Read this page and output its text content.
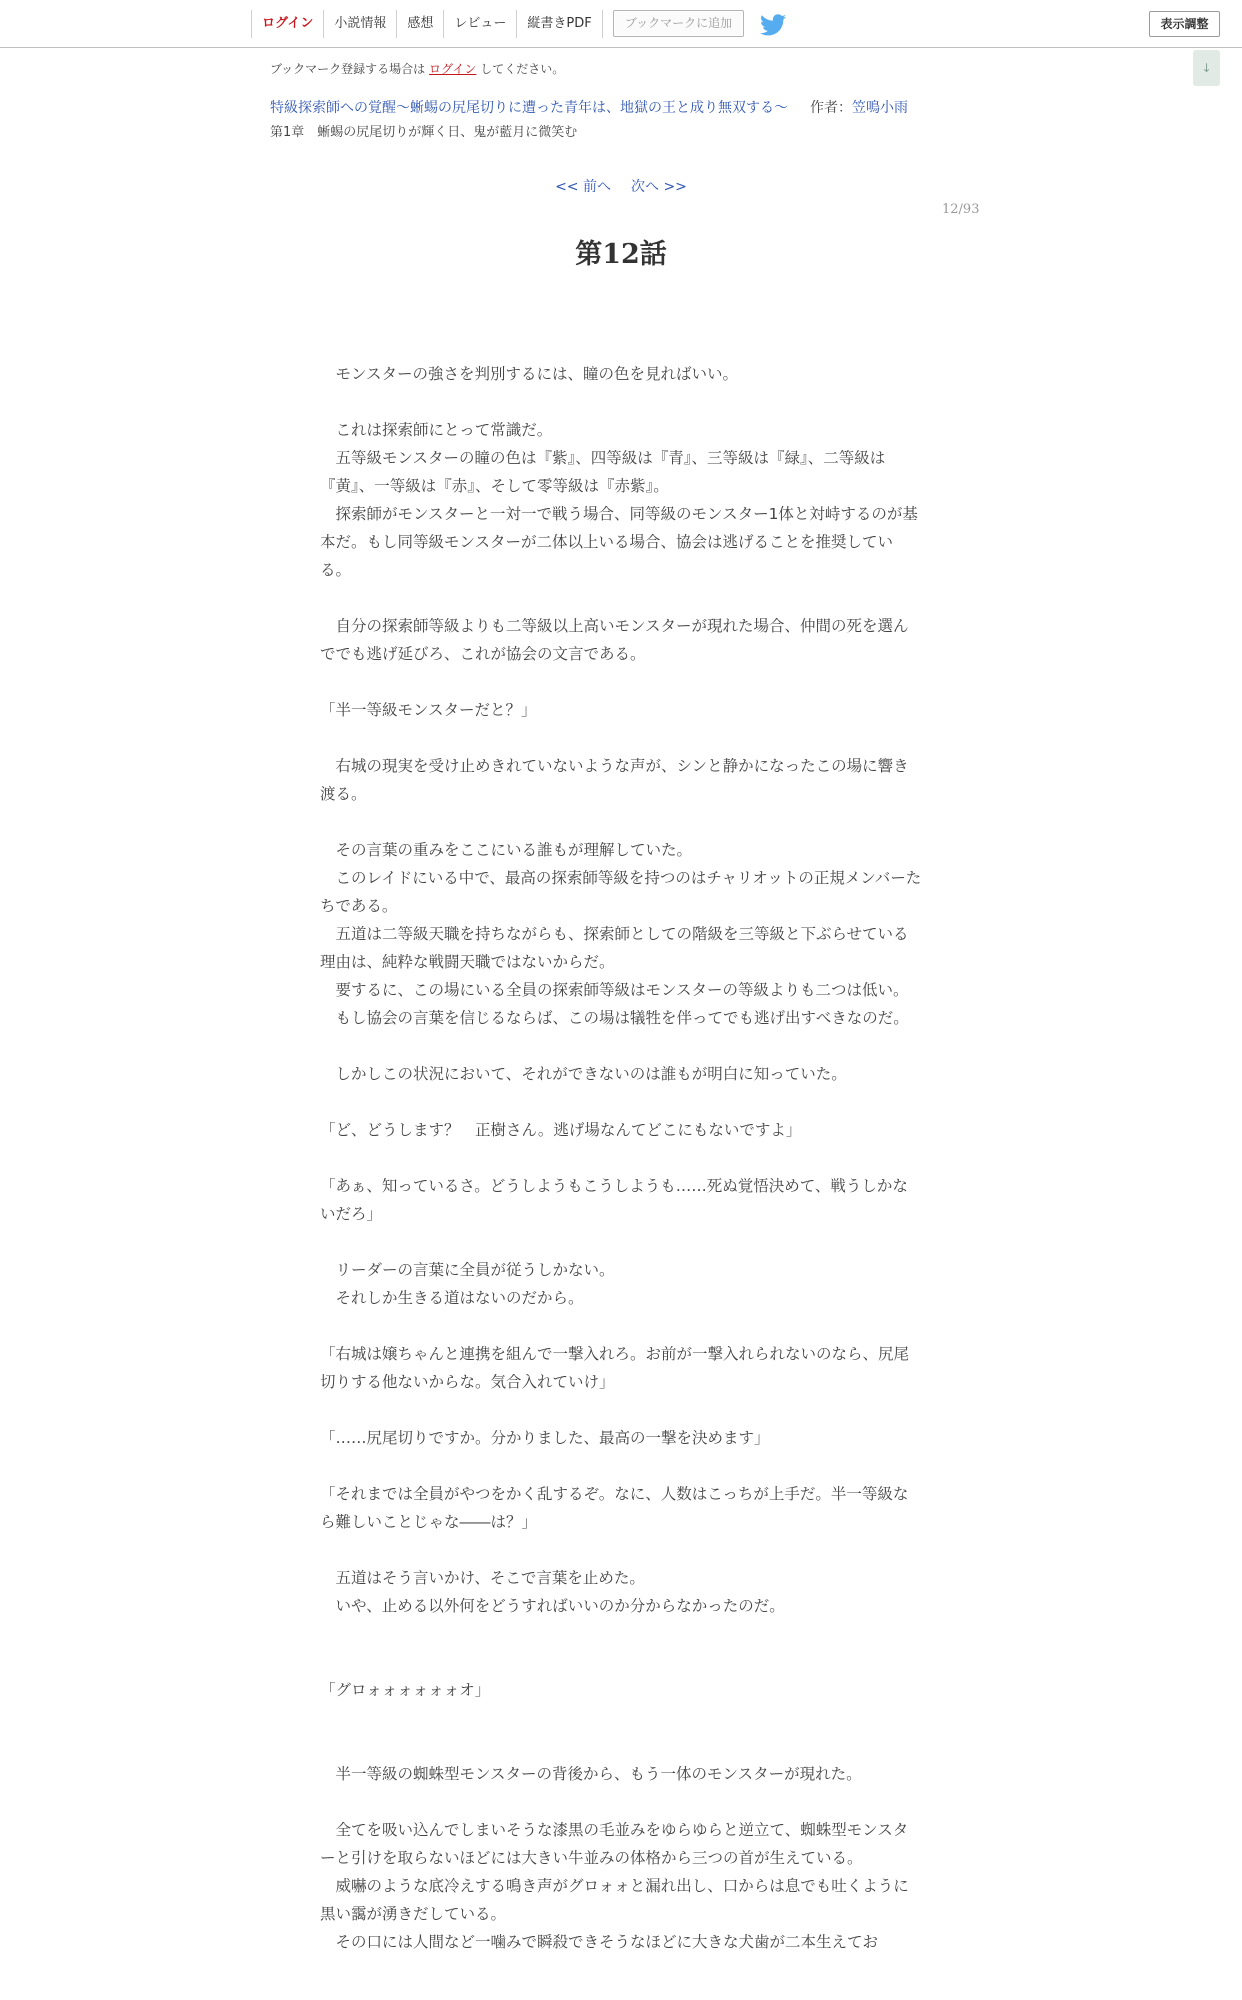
ログイン	小説情報	感想	レビュー	縦書きPDF	ブックマークに追加	表示調整
↓
ブックマーク登録する場合は ログイン してください。
特級探索師への覚醒～蜥蜴の尻尾切りに遭った青年は、地獄の王と成り無双する～ 作者：笠鳴小雨
第1章　蜥蜴の尻尾切りが輝く日、鬼が藍月に微笑む
<< 前へ 次へ >>
12/93
第12話

　モンスターの強さを判別するには、瞳の色を見ればいい。

　これは探索師にとって常識だ。

　五等級モンスターの瞳の色は『紫』、四等級は『青』、三等級は『緑』、二等級は『黄』、一等級は『赤』、そして零等級は『赤紫』。

　探索師がモンスターと一対一で戦う場合、同等級のモンスター1体と対峙するのが基本だ。もし同等級モンスターが二体以上いる場合、協会は逃げることを推奨している。

　自分の探索師等級よりも二等級以上高いモンスターが現れた場合、仲間の死を選んででも逃げ延びろ、これが協会の文言である。

「半一等級モンスターだと？」

　右城の現実を受け止めきれていないような声が、シンと静かになったこの場に響き渡る。

　その言葉の重みをここにいる誰もが理解していた。

　このレイドにいる中で、最高の探索師等級を持つのはチャリオットの正規メンバーたちである。

　五道は二等級天職を持ちながらも、探索師としての階級を三等級と下ぶらせている理由は、純粋な戦闘天職ではないからだ。

　要するに、この場にいる全員の探索師等級はモンスターの等級よりも二つは低い。

　もし協会の言葉を信じるならば、この場は犠牲を伴ってでも逃げ出すべきなのだ。

　しかしこの状況において、それができないのは誰もが明白に知っていた。

「ど、どうします？　正樹さん。逃げ場なんてどこにもないですよ」

「あぁ、知っているさ。どうしようもこうしようも……死ぬ覚悟決めて、戦うしかないだろ」

　リーダーの言葉に全員が従うしかない。

　それしか生きる道はないのだから。

「右城は嬢ちゃんと連携を組んで一撃入れろ。お前が一撃入れられないのなら、尻尾切りする他ないからな。気合入れていけ」

「……尻尾切りですか。分かりました、最高の一撃を決めます」

「それまでは全員がやつをかく乱するぞ。なに、人数はこっちが上手だ。半一等級なら難しいことじゃな――は？」

　五道はそう言いかけ、そこで言葉を止めた。

　いや、止める以外何をどうすればいいのか分からなかったのだ。

「グロォォォォォォオ」

　半一等級の蜘蛛型モンスターの背後から、もう一体のモンスターが現れた。

　全てを吸い込んでしまいそうな漆黒の毛並みをゆらゆらと逆立て、蜘蛛型モンスターと引けを取らないほどには大きい牛並みの体格から三つの首が生えている。

　威嚇のような底冷えする鳴き声がグロォォと漏れ出し、口からは息でも吐くように黒い靄が湧きだしている。

　その口には人間など一噛みで瞬殺できそうなほどに大きな犬歯が二本生えてお
